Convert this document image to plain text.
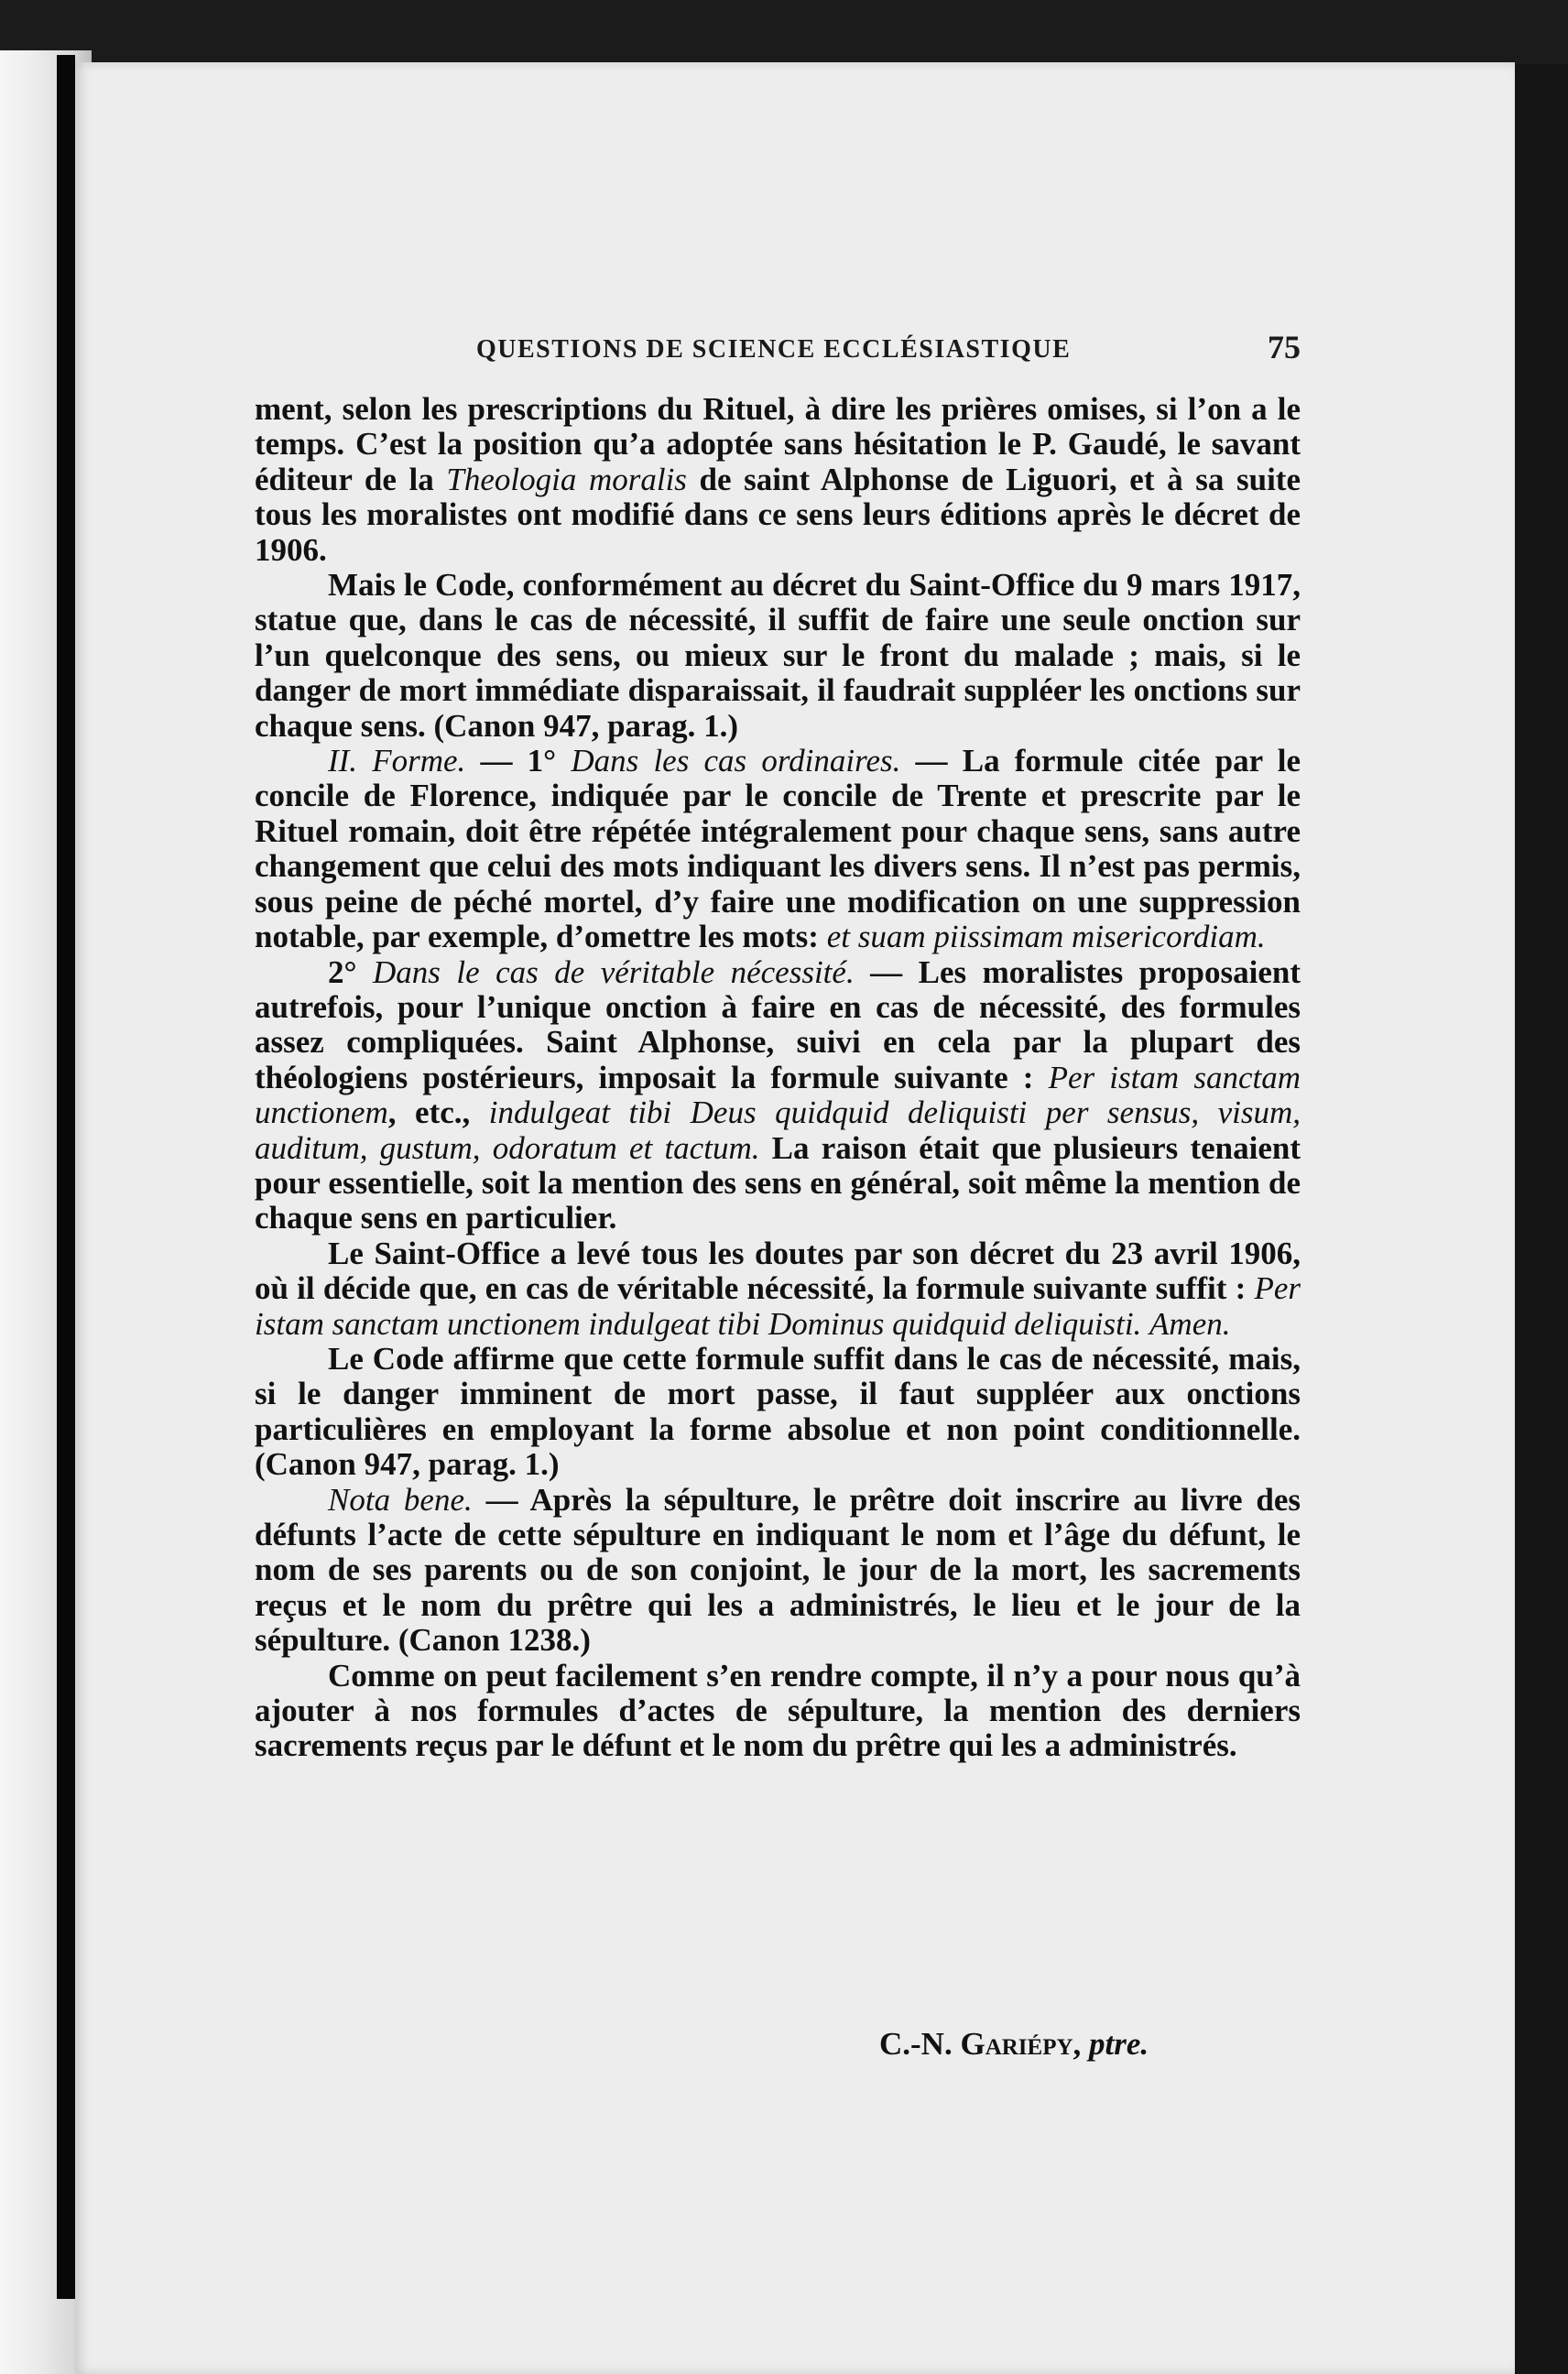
QUESTIONS DE SCIENCE ECCLÉSIASTIQUE	75

ment, selon les prescriptions du Rituel, à dire les prières omises, si l’on a le temps. C’est la position qu’a adoptée sans hésitation le P. Gaudé, le savant éditeur de la Theologia moralis de saint Alphonse de Liguori, et à sa suite tous les moralistes ont modifié dans ce sens leurs éditions après le décret de 1906.

Mais le Code, conformément au décret du Saint-Office du 9 mars 1917, statue que, dans le cas de nécessité, il suffit de faire une seule onction sur l’un quelconque des sens, ou mieux sur le front du malade ; mais, si le danger de mort immédiate disparaissait, il faudrait suppléer les onctions sur chaque sens. (Canon 947, parag. 1.)

II. Forme. — 1° Dans les cas ordinaires. — La formule citée par le concile de Florence, indiquée par le concile de Trente et prescrite par le Rituel romain, doit être répétée intégralement pour chaque sens, sans autre changement que celui des mots indiquant les divers sens. Il n’est pas permis, sous peine de péché mortel, d’y faire une modification on une suppression notable, par exemple, d’omettre les mots: et suam piissimam misericordiam.

2° Dans le cas de véritable nécessité. — Les moralistes proposaient autrefois, pour l’unique onction à faire en cas de nécessité, des formules assez compliquées. Saint Alphonse, suivi en cela par la plupart des théologiens postérieurs, imposait la formule suivante : Per istam sanctam unctionem, etc., indulgeat tibi Deus quidquid deliquisti per sensus, visum, auditum, gustum, odoratum et tactum. La raison était que plusieurs tenaient pour essentielle, soit la mention des sens en général, soit même la mention de chaque sens en particulier.

Le Saint-Office a levé tous les doutes par son décret du 23 avril 1906, où il décide que, en cas de véritable nécessité, la formule suivante suffit : Per istam sanctam unctionem indulgeat tibi Dominus quidquid deliquisti. Amen.

Le Code affirme que cette formule suffit dans le cas de nécessité, mais, si le danger imminent de mort passe, il faut suppléer aux onctions particulières en employant la forme absolue et non point conditionnelle. (Canon 947, parag. 1.)

Nota bene. — Après la sépulture, le prêtre doit inscrire au livre des défunts l’acte de cette sépulture en indiquant le nom et l’âge du défunt, le nom de ses parents ou de son conjoint, le jour de la mort, les sacrements reçus et le nom du prêtre qui les a administrés, le lieu et le jour de la sépulture. (Canon 1238.)

Comme on peut facilement s’en rendre compte, il n’y a pour nous qu’à ajouter à nos formules d’actes de sépulture, la mention des derniers sacrements reçus par le défunt et le nom du prêtre qui les a administrés.

C.-N. Gariépy, ptre.
